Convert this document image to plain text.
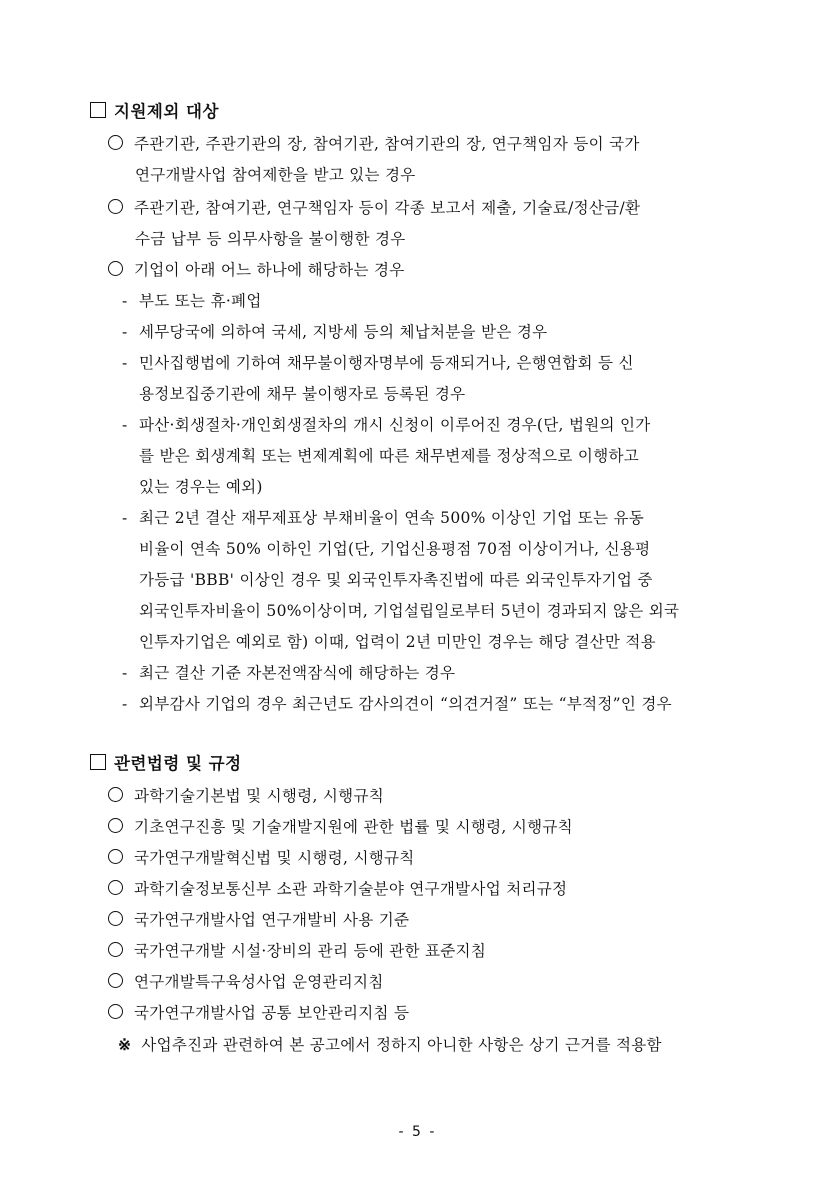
지원제외 대상
주관기관, 주관기관의 장, 참여기관, 참여기관의 장, 연구책임자 등이 국가
연구개발사업 참여제한을 받고 있는 경우
주관기관, 참여기관, 연구책임자 등이 각종 보고서 제출, 기술료/정산금/환
수금 납부 등 의무사항을 불이행한 경우
기업이 아래 어느 하나에 해당하는 경우
- 부도 또는 휴·폐업
- 세무당국에 의하여 국세, 지방세 등의 체납처분을 받은 경우
- 민사집행법에 기하여 채무불이행자명부에 등재되거나, 은행연합회 등 신
용정보집중기관에 채무 불이행자로 등록된 경우
- 파산·회생절차·개인회생절차의 개시 신청이 이루어진 경우(단, 법원의 인가
를 받은 회생계획 또는 변제계획에 따른 채무변제를 정상적으로 이행하고
있는 경우는 예외)
- 최근 2년 결산 재무제표상 부채비율이 연속 500% 이상인 기업 또는 유동
비율이 연속 50% 이하인 기업(단, 기업신용평점 70점 이상이거나, 신용평
가등급 'BBB' 이상인 경우 및 외국인투자촉진법에 따른 외국인투자기업 중
외국인투자비율이 50%이상이며, 기업설립일로부터 5년이 경과되지 않은 외국
인투자기업은 예외로 함) 이때, 업력이 2년 미만인 경우는 해당 결산만 적용
- 최근 결산 기준 자본전액잠식에 해당하는 경우
- 외부감사 기업의 경우 최근년도 감사의견이 “의견거절” 또는 “부적정”인 경우
관련법령 및 규정
과학기술기본법 및 시행령, 시행규칙
기초연구진흥 및 기술개발지원에 관한 법률 및 시행령, 시행규칙
국가연구개발혁신법 및 시행령, 시행규칙
과학기술정보통신부 소관 과학기술분야 연구개발사업 처리규정
국가연구개발사업 연구개발비 사용 기준
국가연구개발 시설·장비의 관리 등에 관한 표준지침
연구개발특구육성사업 운영관리지침
국가연구개발사업 공통 보안관리지침 등
※ 사업추진과 관련하여 본 공고에서 정하지 아니한 사항은 상기 근거를 적용함
- 5 -
